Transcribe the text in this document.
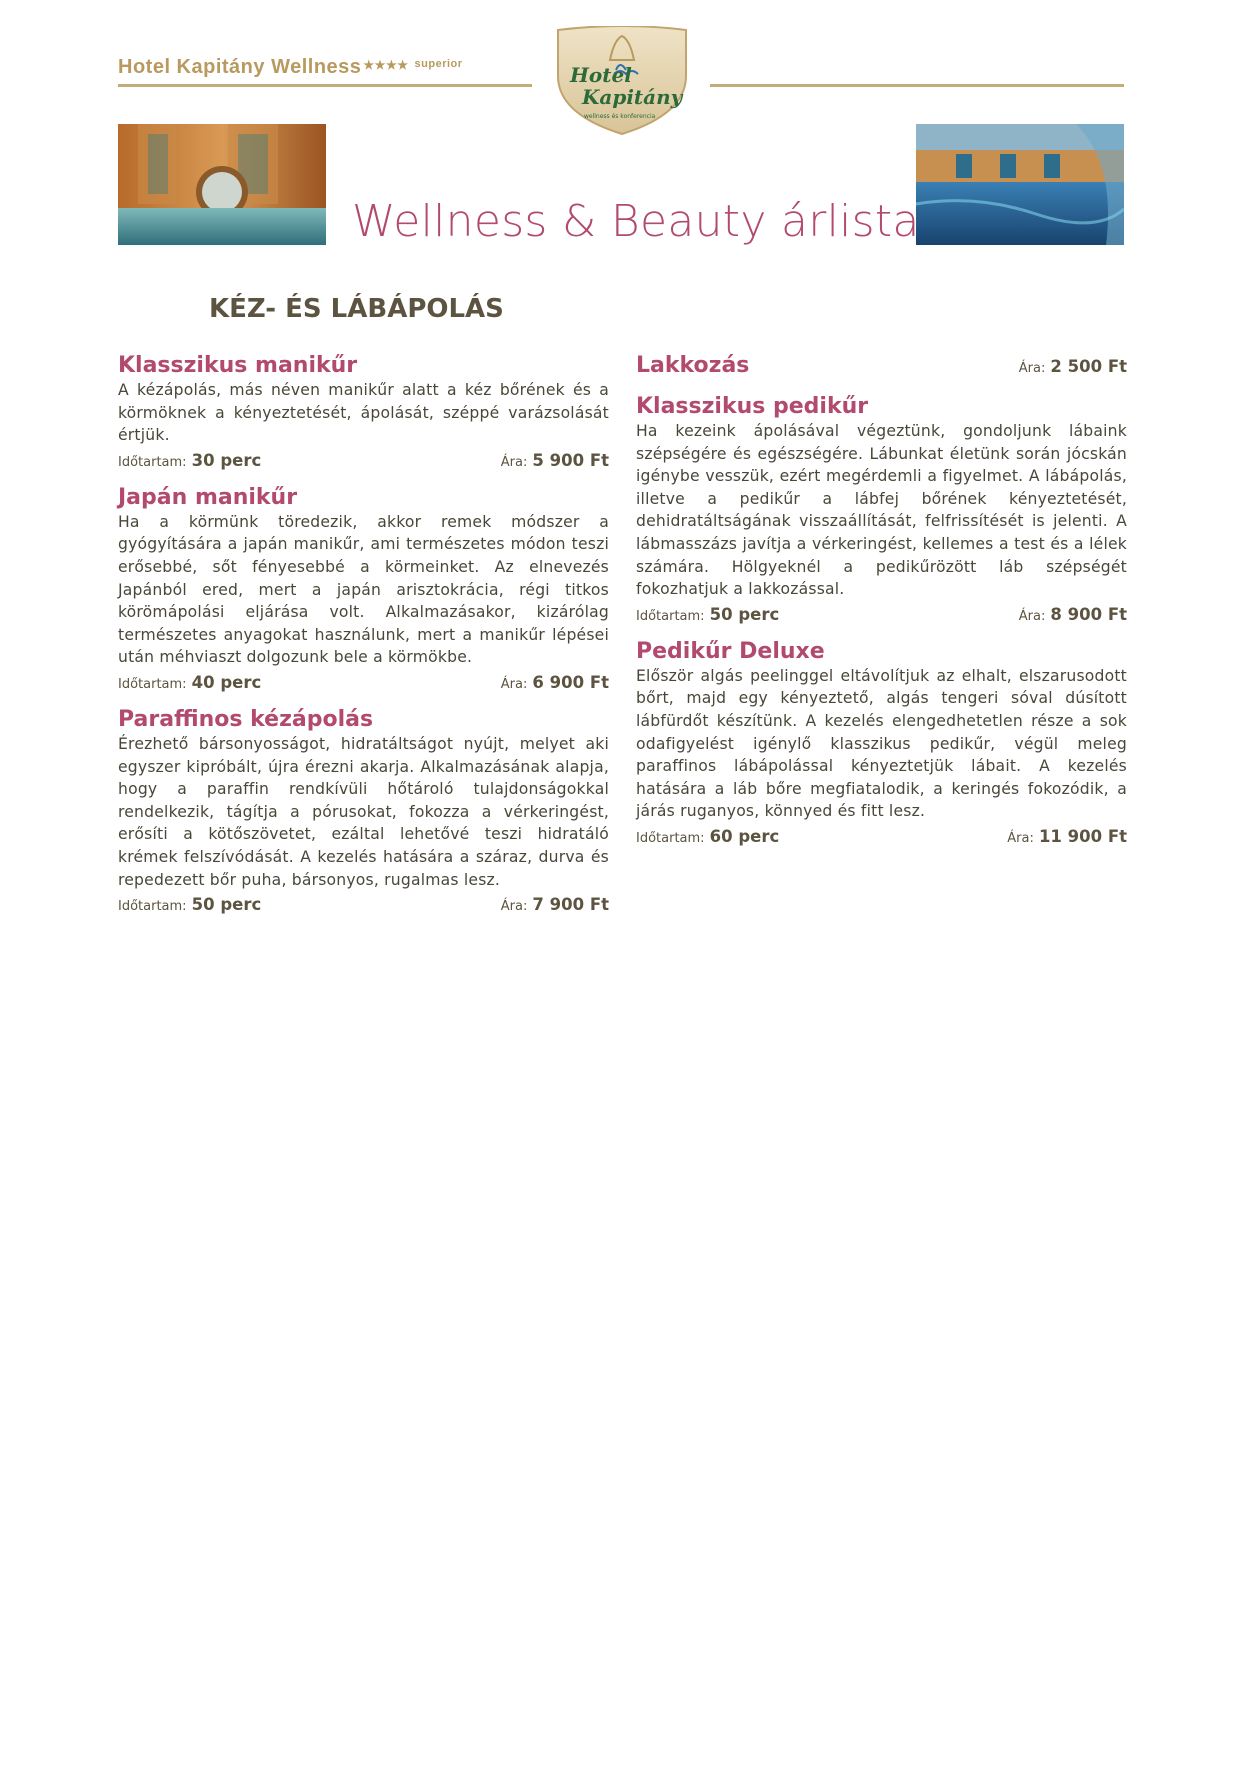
Hotel Kapitány Wellness ★★★★ $^{superior}$	Hotel
Kapitány
wellness és konferencia
Wellness & Beauty árlista
KÉZ- ÉS LÁBÁPOLÁS
Klasszikus manikűr
A kézápolás, más néven manikűr alatt a kéz bőrének és a körmöknek a kényeztetését, ápolását, széppé varázsolását értjük.
Időtartam: 30 perc	Ára: 5 900 Ft
Japán manikűr
Ha a körmünk töredezik, akkor remek módszer a gyógyítására a japán manikűr, ami természetes módon teszi erősebbé, sőt fényesebbé a körmeinket. Az elnevezés Japánból ered, mert a japán arisztokrácia, régi titkos körömápolási eljárása volt. Alkalmazásakor, kizárólag természetes anyagokat használunk, mert a manikűr lépései után méhviaszt dolgozunk bele a körmökbe.
Időtartam: 40 perc	Ára: 6 900 Ft
Paraffinos kézápolás
Érezhető bársonyosságot, hidratáltságot nyújt, melyet aki egyszer kipróbált, újra érezni akarja. Alkalmazásának alapja, hogy a paraffin rendkívüli hőtároló tulajdonságokkal rendelkezik, tágítja a pórusokat, fokozza a vérkeringést, erősíti a kötőszövetet, ezáltal lehetővé teszi hidratáló krémek felszívódását. A kezelés hatására a száraz, durva és repedezett bőr puha, bársonyos, rugalmas lesz.
Időtartam: 50 perc	Ára: 7 900 Ft
Lakkozás	Ára:
2 500 Ft
Klasszikus pedikűr
Ha kezeink ápolásával végeztünk, gondoljunk lábaink szépségére és egészségére. Lábunkat életünk során jócskán igénybe vesszük, ezért megérdemli a figyelmet. A lábápolás, illetve a pedikűr a lábfej bőrének kényeztetését, dehidratáltságának visszaállítását, felfrissítését is jelenti. A lábmasszázs javítja a vérkeringést, kellemes a test és a lélek számára. Hölgyeknél a pedikűrözött láb szépségét fokozhatjuk a lakkozással.
Időtartam: 50 perc	Ára: 8 900 Ft
Pedikűr Deluxe
Először algás peelinggel eltávolítjuk az elhalt, elszarusodott bőrt, majd egy kényeztető, algás tengeri sóval dúsított lábfürdőt készítünk. A kezelés elengedhetetlen része a sok odafigyelést igénylő klasszikus pedikűr, végül meleg paraffinos lábápolással kényeztetjük lábait. A kezelés hatására a láb bőre megfiatalodik, a keringés fokozódik, a járás ruganyos, könnyed és fitt lesz.
Időtartam: 60 perc	Ára: 11 900 Ft
